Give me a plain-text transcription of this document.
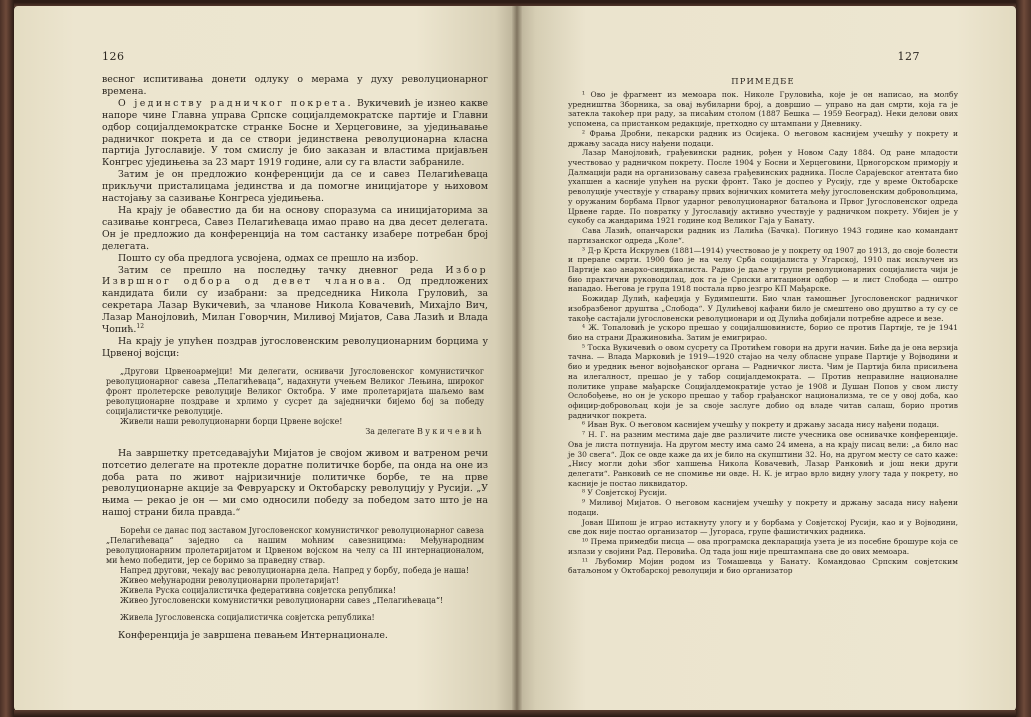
126

весног испитивања донети одлуку о мерама у духу револуционарног времена.

О јединству радничког покрета. Вукичевић је изнео какве напоре чине Главна управа Српске социјалдемократске партије и Главни одбор социјалдемократске странке Босне и Херцеговине, за уједињавање радничког покрета и да се створи јединствена револуционарна класна партија Југославије. У том смислу је био заказан и властима пријављен Конгрес уједињења за 23 март 1919 године, али су га власти забраниле.

Затим је он предложио конференцији да се и савез Пелагићевaца прикључи присталицама јединства и да помогне иницијаторе у њиховом настојању за сазивање Конгреса уједињења.

На крају је обавестио да би на основу споразума са иницијаторима за сазивање конгреса, Савез Пелагићеваца имао право на два десет делегата. Он је предложио да конференција на том састанку изабере потребан број делегата.

Пошто су оба предлога усвојена, одмах се прешло на избор.

Затим се прешло на последњу тачку дневног реда Избор Извршног одбора од девет чланова. Од предложених кандидата били су изабрани: за председника Никола Груловић, за секретара Лазар Вукичевић, за чланове Никола Ковачевић, Михајло Вич, Лазар Манојловић, Милан Говорчин, Миливој Мијатов, Сава Лазић и Влада Чопић.$^{12}$

На крају је упућен поздрав југословенским револуционарним борцима у Црвеној војсци:

„Другови Црвеноармејци! Ми делегати, оснивачи Југословенског комунистичког револуционарног савеза „Пелагићевaца“, надахнути учењем Великог Лењина, широког фронт пролетерске револуције Великог Октобра. У име пролетаријата шаљемо вам револуционарне поздраве и хрлимо у сусрет да заједнички бијемо бој за победу социјалистичке револуције.

Живели наши револуционарни борци Црвене војске!

За делегате Вукичевић

На завршетку претседавајући Мијатов је својом живом и ватреном речи потсетио делегате на протекле доратне политичке борбе, па онда на оне из доба рата по живот најризичније политичке борбе, те на прве револуционарне акције за Февруарску и Октобарску револуцију у Русији. „У њима — рекао је он — ми смо односили победу за победом зато што је на нашој страни била правда.“

Борећи се данас под заставом Југословенског комунистичког револуционарног савеза „Пелагићевaца“ заједно са нашим моћним савезницима: Међународним револуционарним пролетаријатом и Црвеном војском на челу са III интернационалом, ми ћемо победити, јер се боримо за праведну ствар.

Напред другови, чекају вас револуционарна дела. Напред у борбу, победа је наша!

Живео међународни револуционарни пролетаријат!

Живела Руска социјалистичка федеративна совјетска република!

Живео Југословенски комунистички револуционарни савез „Пелагићевaца“!

Живела Југословенска социјалистичка совјетска република!

Конференција је завршена певањем Интернационале.

127

ПРИМЕДБЕ

¹ Ово је фрагмент из мемоара пок. Николе Груловића, које је он написао, на молбу уредништва Зборника, за овај њубиларни број, а довршио — управо на дан смрти, која га је затекла такоћер при раду, за писаћим столом (1887 Бешка — 1959 Београд). Неки делови ових успомена, са пристанком редакције, претходно су штампани у Дневнику.

² Фрања Дробни, пекарски радник из Осијека. О његовом каснијем учешћу у покрету и држању засада нису нађени подаци.

Лазар Манојловић, грађевински радник, рођен у Новом Саду 1884. Од ране младости учествовао у радничком покрету. После 1904 у Босни и Херцеговини, Црногорском приморју и Далмацији ради на организовању савеза грађевинских радника. После Сарајевског атентата био ухапшен а касније упућен на руски фронт. Тако је доспео у Русију, где у време Октобарске револуције учествује у стварању првих војничких комитета међу југословенским добровољцима, у оружаним борбама Првог ударног револуционарног батаљона и Првог Југословенског одреда Црвене гарде. По повратку у Југославију активно учествује у радничком покрету. Убијен је у сукобу са жандарима 1921 године код Великог Гаја у Банату.

Сава Лазић, опанчарски радник из Лалића (Бачка). Погинуо 1943 године као командант партизанског одреда „Коле“.

³ Д-р Крста Искруљев (1881—1914) учествовао је у покрету од 1907 до 1913, до своје болести и прерane смрти. 1900 био је на челу Срба социјалиста у Угарској, 1910 пак искључен из Партије као анархо-синдикалиста. Радио је даље у групи револуционарних социјалиста чији је био практични руководилац, док га је Српски агитациони одбор — и лист Слобода — оштро нападао. Његова је група 1918 постала прво језгро КП Мађарске.

Божидар Дулић, кафеџија у Будимпешти. Био члан тамошњег Југословенског радничког изобразбеног друштва „Слобода“. У Дулићевој кафани било је смештено ово друштво а ту су се такође састајали југословенски револуционари и од Дулића добијали потребне адресе и везе.

⁴ Ж. Топаловић је ускоро прешао у социјалшовинисте, борио се против Партије, те је 1941 био на страни Дражиновића. Затим је емигрирао.

⁵ Тоска Вукичевић о овом сусрету са Протићем говори на други начин. Биће да је она верзија тачна. — Влада Марковић је 1919—1920 стајао на челу обласне управе Партије у Војводини и био и уредник њеног војвођанског органа — Радничког листа. Чим је Партија била присиљена на илегалност, прешао је у табор социјалдемократа. — Против неправилне националне политике управе мађарске Социјалдемократије устао је 1908 и Душан Попов у свом листу Ослобођење, но он је ускоро прешао у табор грађанског национализма, те се у овој доба, као официр-добровољац који је за своје заслуге добио од владе читав салаш, борио против радничког покрета.

⁶ Иван Вук. О његовом каснијем учешћу у покрету и држању засада нису нађени подаци.

⁷ Н. Г. на разним местима даје две различите листе учесника ове оснивачке конференције. Ова је листа потпунија. На другом месту има само 24 имена, а на крају писац вели: „а било нас је 30 свега“. Док се овде каже да их је било на скупштини 32. Но, на другом месту се сато каже: „Нису могли доћи због хапшења Никола Ковачевић, Лазар Ранковић и још неки други делегати“. Ранковић се не спомиње ни овде. Н. К. је играо врло видну улогу тада у покрету, но касније је постао ликвидатор.

⁸ У Совјетској Русији.

⁹ Миливој Мијатов. О његовом каснијем учешћу у покрету и држању засада нису нађени подаци.

Јован Шипош је играо истакнуту улогу и у борбама у Совјетској Русији, као и у Војводини, све док није постао организатор — Југораса, групе фашистичких радника.

¹⁰ Према примедби писца — ова програмска декларација узета је из посебне брошуре која се излази у својини Рад. Перовића. Од тада још није прештампана све до ових мемоара.

¹¹ Љубомир Мојин родом из Томашевца у Банату. Командовао Српским совјетским батаљоном у Октобарској револуцији и био организатор
